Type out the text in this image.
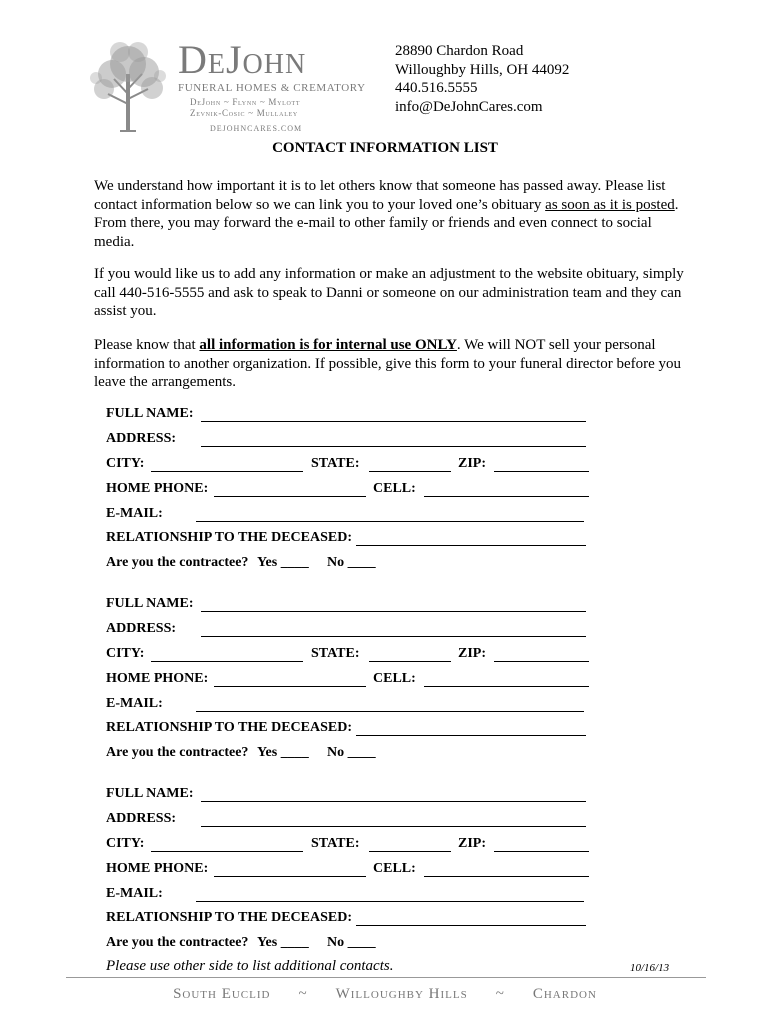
DeJohn
FUNERAL HOMES & CREMATORY
DeJohn ~ Flynn ~ Mylott
Zevnik-Cosic ~ Mullaley
DEJOHNCARES.COM
28890 Chardon Road
Willoughby Hills, OH 44092
440.516.5555
info@DeJohnCares.com
CONTACT INFORMATION LIST
We understand how important it is to let others know that someone has passed away. Please list contact information below so we can link you to your loved one’s obituary as soon as it is posted. From there, you may forward the e-mail to other family or friends and even connect to social media.
If you would like us to add any information or make an adjustment to the website obituary, simply call 440-516-5555 and ask to speak to Danni or someone on our administration team and they can assist you.
Please know that all information is for internal use ONLY. We will NOT sell your personal information to another organization. If possible, give this form to your funeral director before you leave the arrangements.
FULL NAME:
ADDRESS:
CITY:	STATE:	ZIP:
HOME PHONE:	CELL:
E-MAIL:
RELATIONSHIP TO THE DECEASED:
Are you the contractee? Yes ____ No ____
FULL NAME:
ADDRESS:
CITY:	STATE:	ZIP:
HOME PHONE:	CELL:
E-MAIL:
RELATIONSHIP TO THE DECEASED:
Are you the contractee? Yes ____ No ____
FULL NAME:
ADDRESS:
CITY:	STATE:	ZIP:
HOME PHONE:	CELL:
E-MAIL:
RELATIONSHIP TO THE DECEASED:
Are you the contractee? Yes ____ No ____
Please use other side to list additional contacts.	10/16/13
South Euclid ~ Willoughby Hills ~ Chardon
